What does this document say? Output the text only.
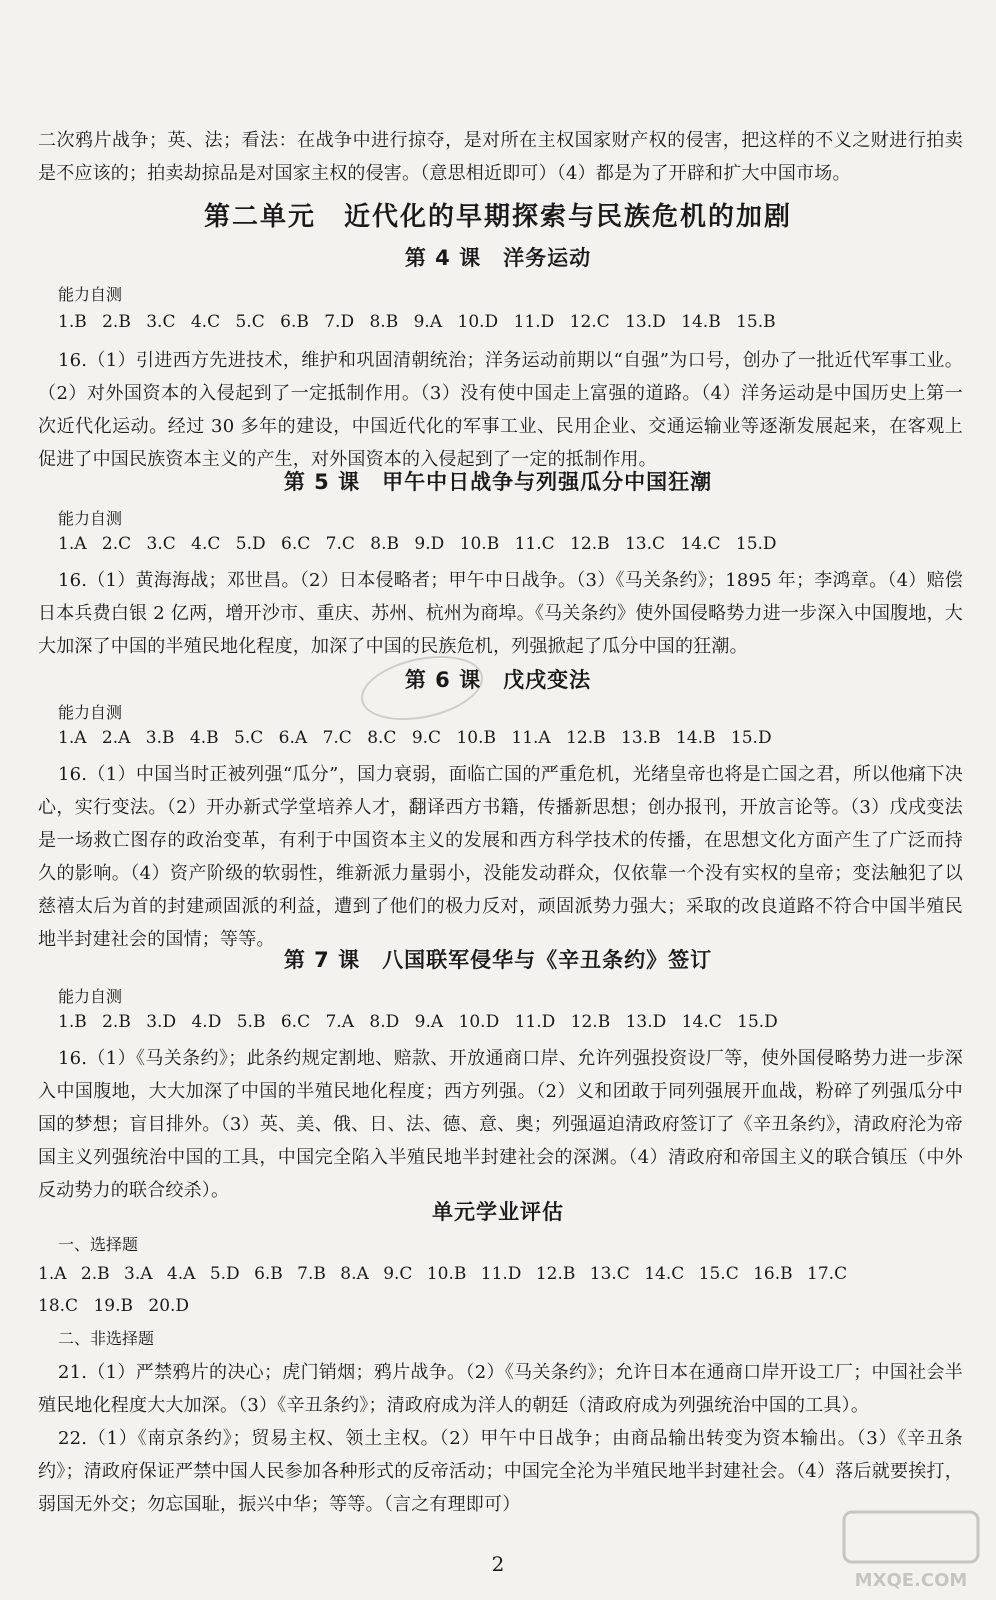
二次鸦片战争；英、法；看法：在战争中进行掠夺，是对所在主权国家财产权的侵害，把这样的不义之财进行拍卖是不应该的；拍卖劫掠品是对国家主权的侵害。（意思相近即可）（4）都是为了开辟和扩大中国市场。

第二单元　近代化的早期探索与民族危机的加剧
第 4 课　洋务运动

能力自测

1.B 2.B 3.C 4.C 5.C 6.B 7.D 8.B 9.A 10.D 11.D 12.C 13.D 14.B 15.B

16.（1）引进西方先进技术，维护和巩固清朝统治；洋务运动前期以“自强”为口号，创办了一批近代军事工业。（2）对外国资本的入侵起到了一定抵制作用。（3）没有使中国走上富强的道路。（4）洋务运动是中国历史上第一次近代化运动。经过 30 多年的建设，中国近代化的军事工业、民用企业、交通运输业等逐渐发展起来，在客观上促进了中国民族资本主义的产生，对外国资本的入侵起到了一定的抵制作用。

第 5 课　甲午中日战争与列强瓜分中国狂潮

能力自测

1.A 2.C 3.C 4.C 5.D 6.C 7.C 8.B 9.D 10.B 11.C 12.B 13.C 14.C 15.D

16.（1）黄海海战；邓世昌。（2）日本侵略者；甲午中日战争。（3）《马关条约》；1895 年；李鸿章。（4）赔偿日本兵费白银 2 亿两，增开沙市、重庆、苏州、杭州为商埠。《马关条约》使外国侵略势力进一步深入中国腹地，大大加深了中国的半殖民地化程度，加深了中国的民族危机，列强掀起了瓜分中国的狂潮。

第 6 课　戊戌变法

能力自测

1.A 2.A 3.B 4.B 5.C 6.A 7.C 8.C 9.C 10.B 11.A 12.B 13.B 14.B 15.D

16.（1）中国当时正被列强“瓜分”，国力衰弱，面临亡国的严重危机，光绪皇帝也将是亡国之君，所以他痛下决心，实行变法。（2）开办新式学堂培养人才，翻译西方书籍，传播新思想；创办报刊，开放言论等。（3）戊戌变法是一场救亡图存的政治变革，有利于中国资本主义的发展和西方科学技术的传播，在思想文化方面产生了广泛而持久的影响。（4）资产阶级的软弱性，维新派力量弱小，没能发动群众，仅依靠一个没有实权的皇帝；变法触犯了以慈禧太后为首的封建顽固派的利益，遭到了他们的极力反对，顽固派势力强大；采取的改良道路不符合中国半殖民地半封建社会的国情；等等。

第 7 课　八国联军侵华与《辛丑条约》签订

能力自测

1.B 2.B 3.D 4.D 5.B 6.C 7.A 8.D 9.A 10.D 11.D 12.B 13.D 14.C 15.D

16.（1）《马关条约》；此条约规定割地、赔款、开放通商口岸、允许列强投资设厂等，使外国侵略势力进一步深入中国腹地，大大加深了中国的半殖民地化程度；西方列强。（2）义和团敢于同列强展开血战，粉碎了列强瓜分中国的梦想；盲目排外。（3）英、美、俄、日、法、德、意、奥；列强逼迫清政府签订了《辛丑条约》，清政府沦为帝国主义列强统治中国的工具，中国完全陷入半殖民地半封建社会的深渊。（4）清政府和帝国主义的联合镇压（中外反动势力的联合绞杀）。

单元学业评估

一、选择题

1.A 2.B 3.A 4.A 5.D 6.B 7.B 8.A 9.C 10.B 11.D 12.B 13.C 14.C 15.C 16.B 17.C

18.C 19.B 20.D

二、非选择题

21.（1）严禁鸦片的决心；虎门销烟；鸦片战争。（2）《马关条约》；允许日本在通商口岸开设工厂；中国社会半殖民地化程度大大加深。（3）《辛丑条约》；清政府成为洋人的朝廷（清政府成为列强统治中国的工具）。

22.（1）《南京条约》；贸易主权、领土主权。（2）甲午中日战争；由商品输出转变为资本输出。（3）《辛丑条约》；清政府保证严禁中国人民参加各种形式的反帝活动；中国完全沦为半殖民地半封建社会。（4）落后就要挨打，弱国无外交；勿忘国耻，振兴中华；等等。（言之有理即可）

2
MXQE.COM
